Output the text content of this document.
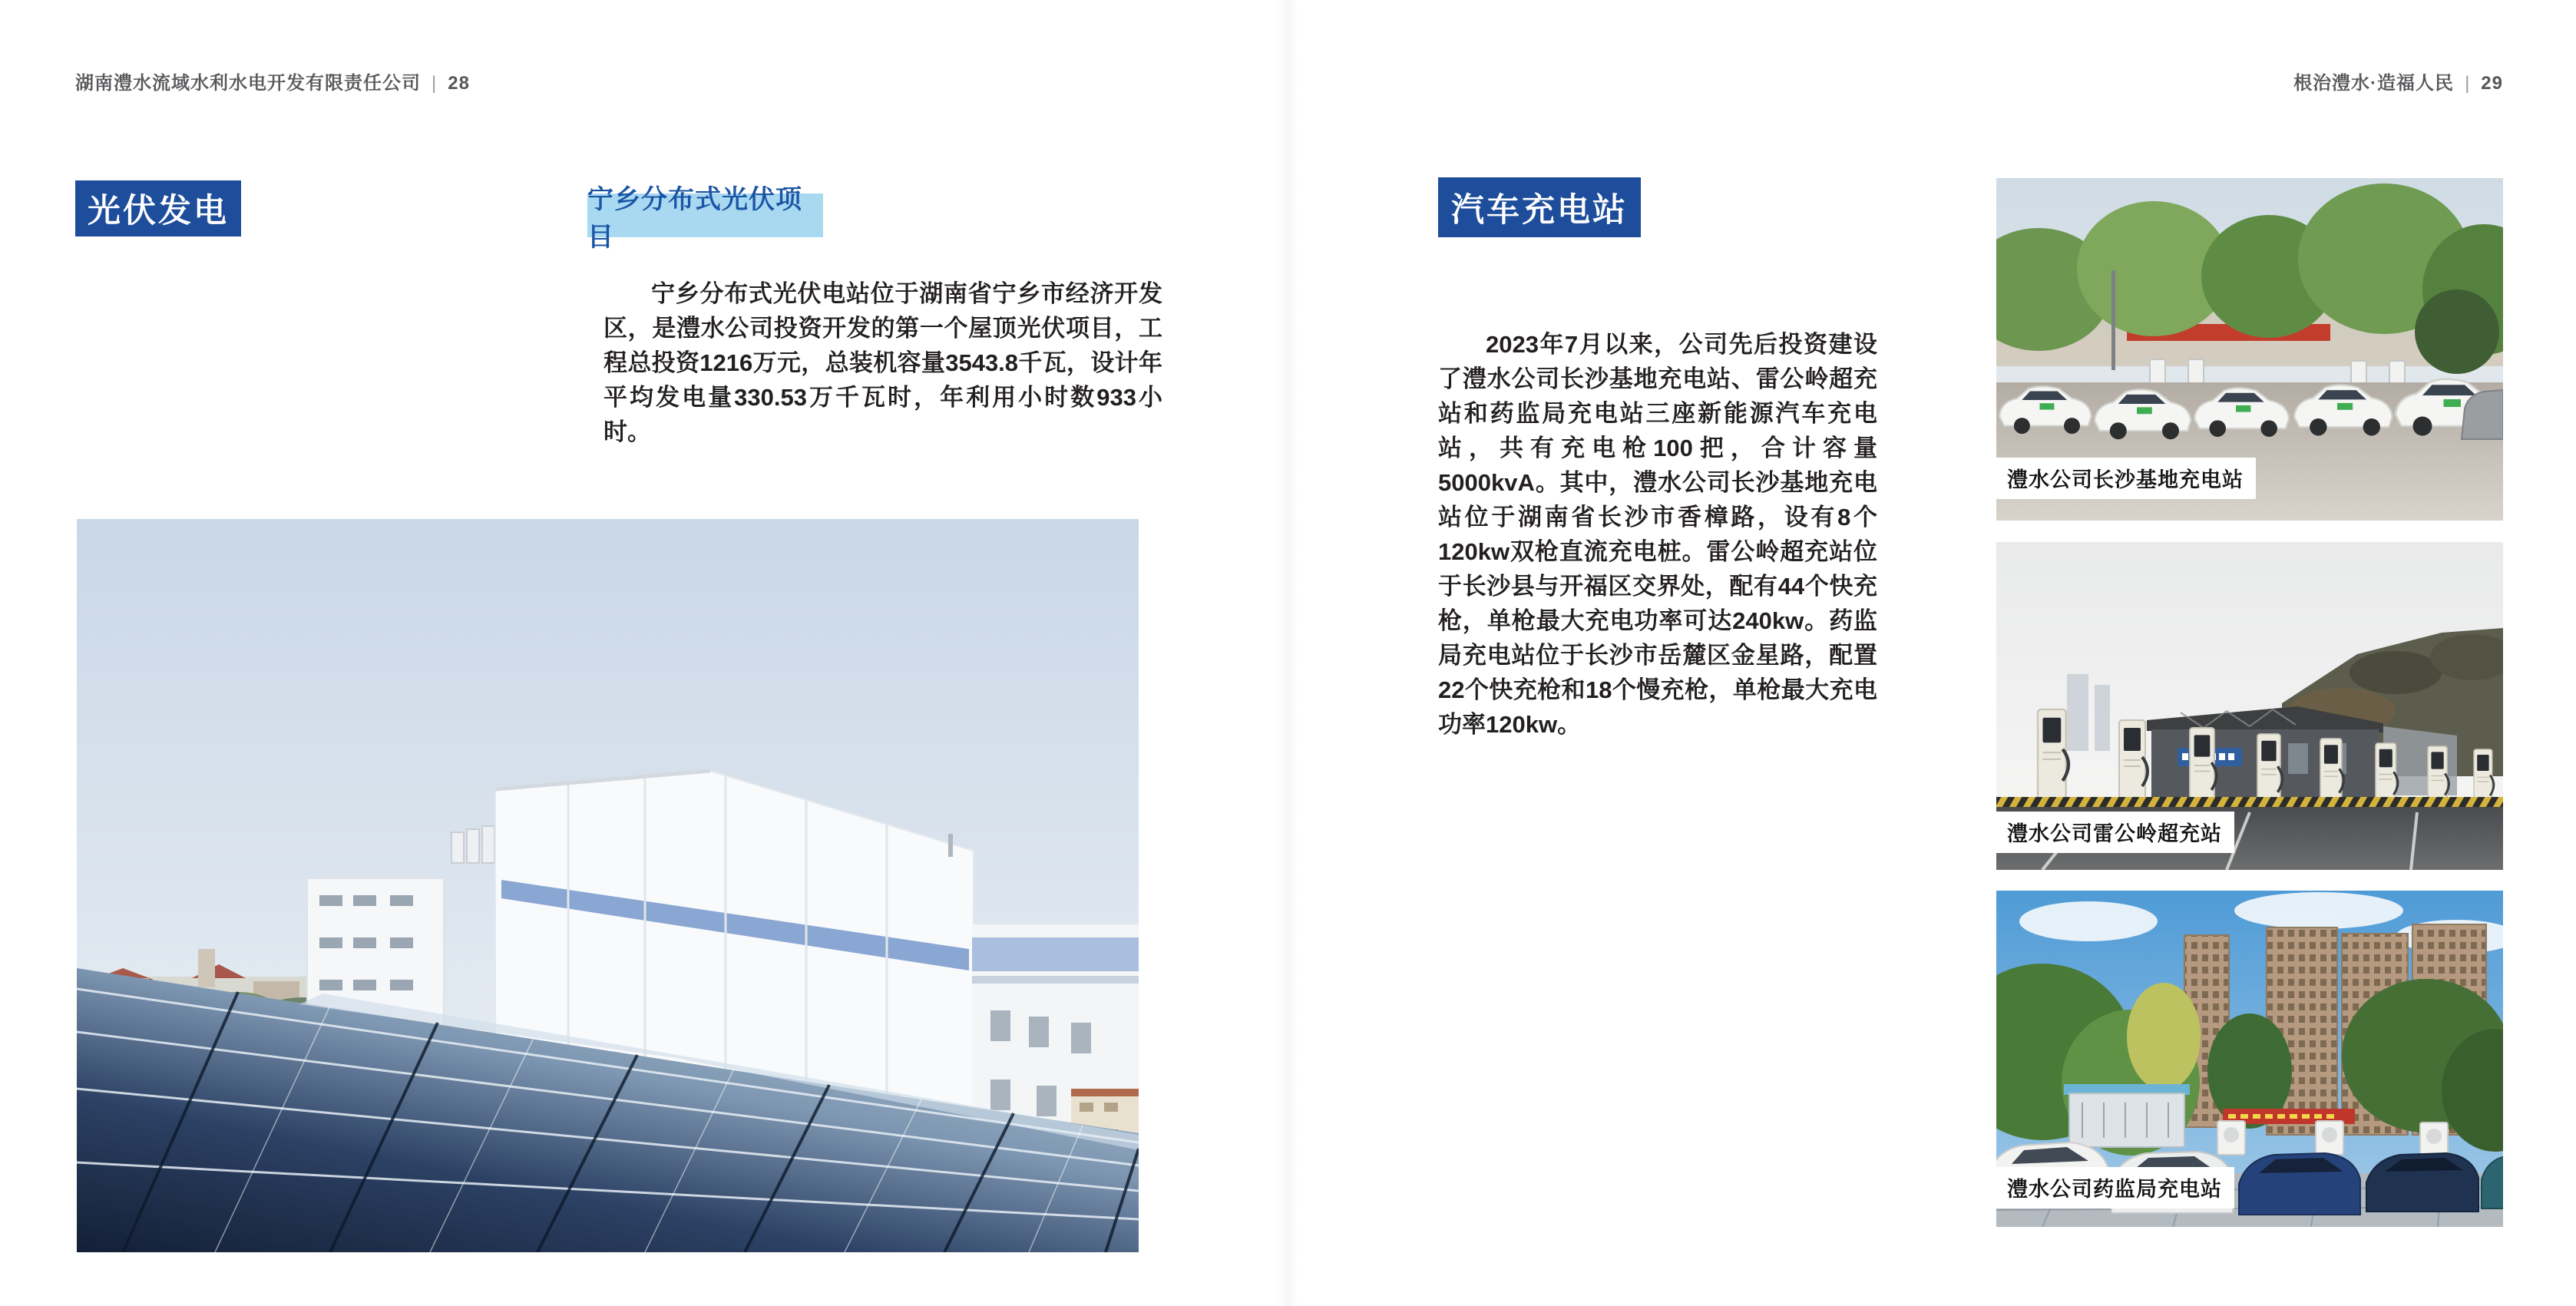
湖南澧水流域水利水电开发有限责任公司 | 28	根治澧水·造福人民 | 29
光伏发电	宁乡分布式光伏项目
宁乡分布式光伏电站位于湖南省宁乡市经济开发区，是澧水公司投资开发的第一个屋顶光伏项目，工程总投资1216万元，总装机容量3543.8千瓦，设计年平均发电量330.53万千瓦时，年利用小时数933小时。
汽车充电站
2023年7月以来，公司先后投资建设了澧水公司长沙基地充电站、雷公岭超充站和药监局充电站三座新能源汽车充电站，共有充电枪100把，合计容量5000kvA。其中，澧水公司长沙基地充电站位于湖南省长沙市香樟路，设有8个120kw双枪直流充电桩。雷公岭超充站位于长沙县与开福区交界处，配有44个快充枪，单枪最大充电功率可达240kw。药监局充电站位于长沙市岳麓区金星路，配置22个快充枪和18个慢充枪，单枪最大充电功率120kw。
澧水公司长沙基地充电站
澧水公司雷公岭超充站
澧水公司药监局充电站
